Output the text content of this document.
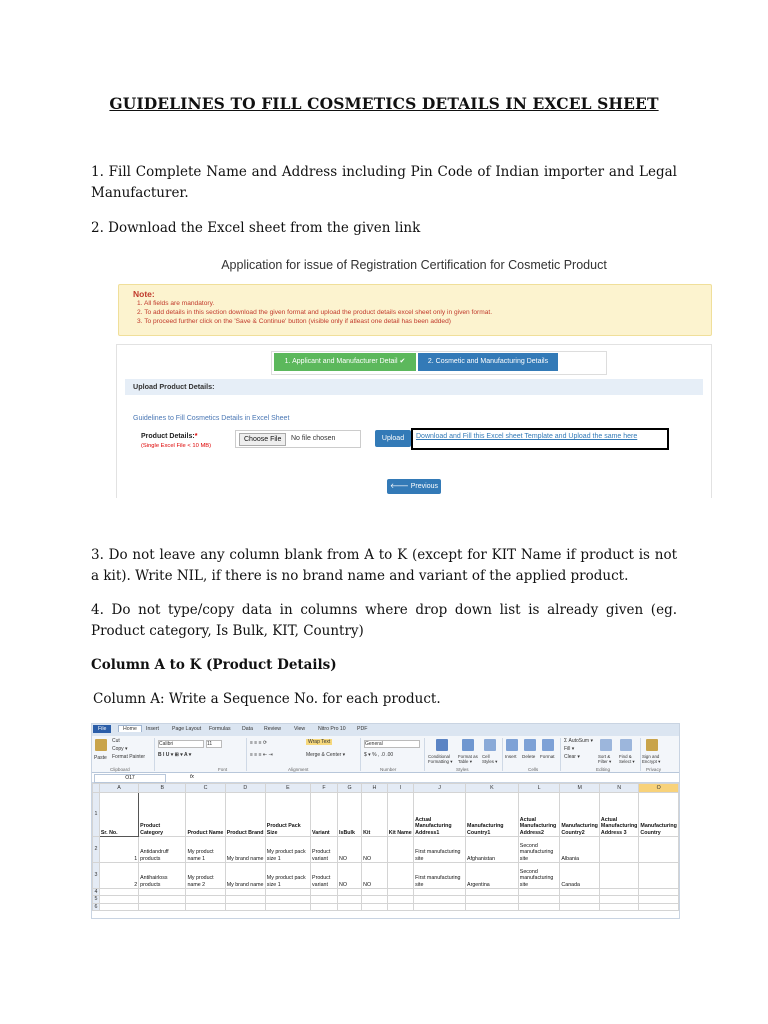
GUIDELINES TO FILL COSMETICS DETAILS IN EXCEL SHEET
1. Fill Complete Name and Address including Pin Code of Indian importer and Legal Manufacturer.
2. Download the Excel sheet from the given link
Application for issue of Registration Certification for Cosmetic Product
Note:
1. All fields are mandatory.
2. To add details in this section download the given format and upload the product details excel sheet only in given format.
3. To proceed further click on the 'Save & Continue' button (visible only if atleast one detail has been added)
1. Applicant and Manufacturer Detail ✔	2. Cosmetic and Manufacturing Details
Upload Product Details:
Guidelines to Fill Cosmetics Details in Excel Sheet
Product Details:*
(Single Excel File < 10 MB)
Choose File	No file chosen	Upload	Download and Fill this Excel sheet Template and Upload the same here
🡐 Previous
3. Do not leave any column blank from A to K (except for KIT Name if product is not a kit). Write NIL, if there is no brand name and variant of the applied product.
4. Do not type/copy data in columns where drop down list is already given (eg. Product category, Is Bulk, KIT, Country)
Column A to K (Product Details)
Column A: Write a Sequence No. for each product.
File	Home	Insert	Page Layout Formulas Data Review View Nitro Pro 10 PDF
Paste
Cut
Copy ▾
Format Painter
Clipboard
Calibri	11
B I U ▾ ⊞ ▾ A ▾
Font
≡ ≡ ≡ ⟳	Wrap Text
≡ ≡ ≡ ⇤ ⇥	Merge & Center ▾
Alignment
General
$ ▾ % , .0 .00
Number
Conditional Formatting ▾
Format as Table ▾
Cell Styles ▾
Styles
Insert Delete Format
Cells
Σ AutoSum ▾
Fill ▾
Clear ▾	Sort & Filter ▾
Find & Select ▾
Editing
Sign and Encrypt ▾
Privacy
O17	fx
	A	B	C	D	E	F	G	H	I	J	K	L	M	N	O
1	Sr. No.	Product Category	Product Name	Product Brand	Product Pack Size	Variant	IsBulk	Kit	Kit Name	Actual Manufacturing Address1	Manufacturing Country1	Actual Manufacturing Address2	Manufacturing Country2	Actual Manufacturing Address 3	Manufacturing Country
2	1	Antidandruff products	My product name 1	My brand name	My product pack size 1	Product variant	NO	NO		First manufacturing site	Afghanistan	Second manufacturing site	Albania		
3	2	Antihairloss products	My product name 2	My brand name	My product pack size 1	Product variant	NO	NO		First manufacturing site	Argentina	Second manufacturing site	Canada		
4															
5															
6															
